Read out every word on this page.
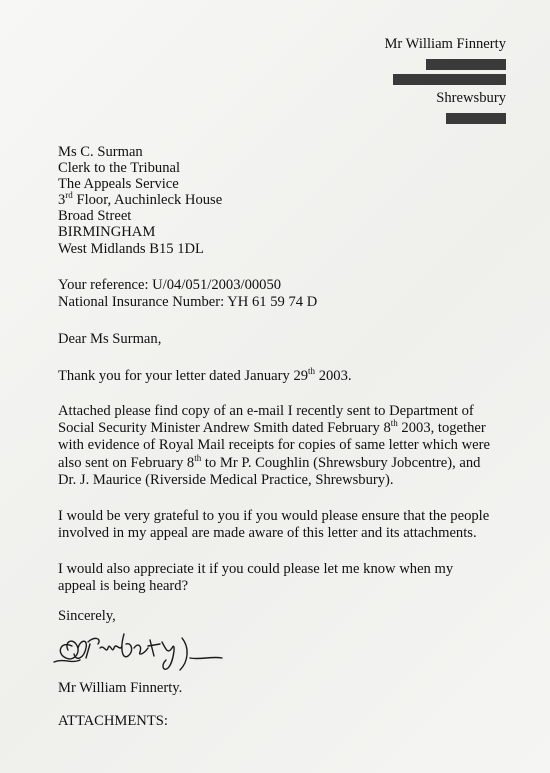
Mr William Finnerty
Shrewsbury
Ms C. Surman
Clerk to the Tribunal
The Appeals Service
3rd Floor, Auchinleck House
Broad Street
BIRMINGHAM
West Midlands B15 1DL
Your reference: U/04/051/2003/00050
National Insurance Number: YH 61 59 74 D
Dear Ms Surman,
Thank you for your letter dated January 29th 2003.
Attached please find copy of an e-mail I recently sent to Department of
Social Security Minister Andrew Smith dated February 8th 2003, together
with evidence of Royal Mail receipts for copies of same letter which were
also sent on February 8th to Mr P. Coughlin (Shrewsbury Jobcentre), and
Dr. J. Maurice (Riverside Medical Practice, Shrewsbury).
I would be very grateful to you if you would please ensure that the people
involved in my appeal are made aware of this letter and its attachments.
I would also appreciate it if you could please let me know when my
appeal is being heard?
Sincerely,
Mr William Finnerty.
ATTACHMENTS:
